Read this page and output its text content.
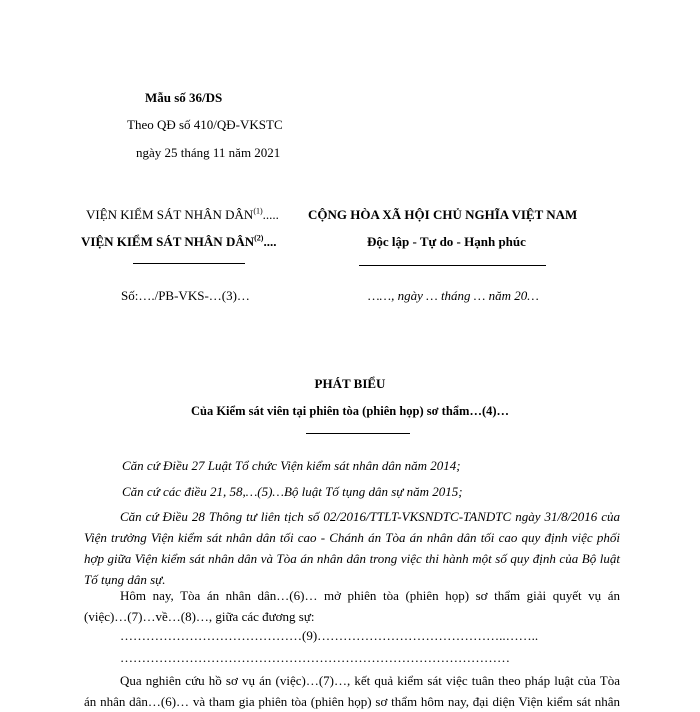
Mẫu số 36/DS
Theo QĐ số 410/QĐ-VKSTC
ngày 25 tháng 11 năm 2021
VIỆN KIỂM SÁT NHÂN DÂN$^{(1)}$.....
VIỆN KIỂM SÁT NHÂN DÂN$^{(2)}$....
CỘNG HÒA XÃ HỘI CHỦ NGHĨA VIỆT NAM
Độc lập - Tự do - Hạnh phúc
Số:…./PB-VKS-…(3)…	……, ngày … tháng … năm 20…
PHÁT BIỂU
Của Kiểm sát viên tại phiên tòa (phiên họp) sơ thẩm…(4)…
Căn cứ Điều 27 Luật Tổ chức Viện kiểm sát nhân dân năm 2014;
Căn cứ các điều 21, 58,…(5)…Bộ luật Tố tụng dân sự năm 2015;
Căn cứ Điều 28 Thông tư liên tịch số 02/2016/TTLT-VKSNDTC-TANDTC ngày 31/8/2016 của
Viện trưởng Viện kiểm sát nhân dân tối cao - Chánh án Tòa án nhân dân tối cao quy định việc phối
hợp giữa Viện kiểm sát nhân dân và Tòa án nhân dân trong việc thi hành một số quy định của Bộ luật
Tố tụng dân sự.
Hôm nay, Tòa án nhân dân…(6)… mở phiên tòa (phiên họp) sơ thẩm giải quyết vụ án
(việc)…(7)…về…(8)…, giữa các đương sự:
……………………………………(9)……………………………………..……..
………………………………………………………………………………
Qua nghiên cứu hồ sơ vụ án (việc)…(7)…, kết quả kiểm sát việc tuân theo pháp luật của Tòa
án nhân dân…(6)… và tham gia phiên tòa (phiên họp) sơ thẩm hôm nay, đại diện Viện kiểm sát nhân
